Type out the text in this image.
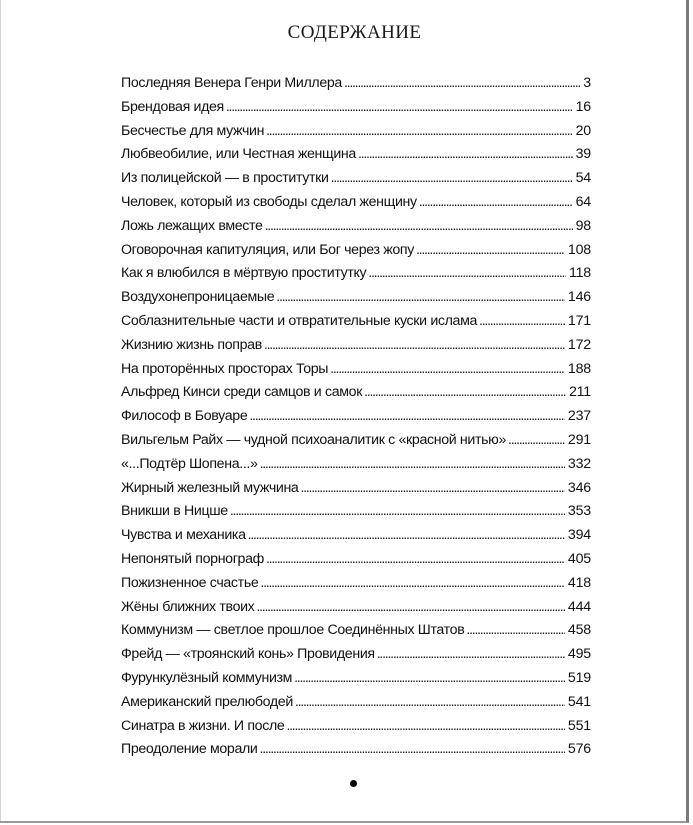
СОДЕРЖАНИЕ
Последняя Венера Генри Миллера . . .	3
Брендовая идея . . .	16
Бесчестье для мужчин . . .	20
Любвеобилие, или Честная женщина . . .	39
Из полицейской — в проститутки . . .	54
Человек, который из свободы сделал женщину . . .	64
Ложь лежащих вместе . . .	98
Оговорочная капитуляция, или Бог через жопу . . .	108
Как я влюбился в мёртвую проститутку . . .	118
Воздухонепроницаемые . . .	146
Соблазнительные части и отвратительные куски ислама . . .	171
Жизнию жизнь поправ . . .	172
На проторённых просторах Торы . . .	188
Альфред Кинси среди самцов и самок . . .	211
Философ в Бовуаре . . .	237
Вильгельм Райх — чудной психоаналитик с «красной нитью» . . .	291
«...Подтёр Шопена...» . . .	332
Жирный железный мужчина . . .	346
Вникши в Ницше . . .	353
Чувства и механика . . .	394
Непонятый порнограф . . .	405
Пожизненное счастье . . .	418
Жёны ближних твоих . . .	444
Коммунизм — светлое прошлое Соединённых Штатов . . .	458
Фрейд — «троянский конь» Провидения . . .	495
Фурункулёзный коммунизм . . .	519
Американский прелюбодей . . .	541
Синатра в жизни. И после . . .	551
Преодоление морали . . .	576
